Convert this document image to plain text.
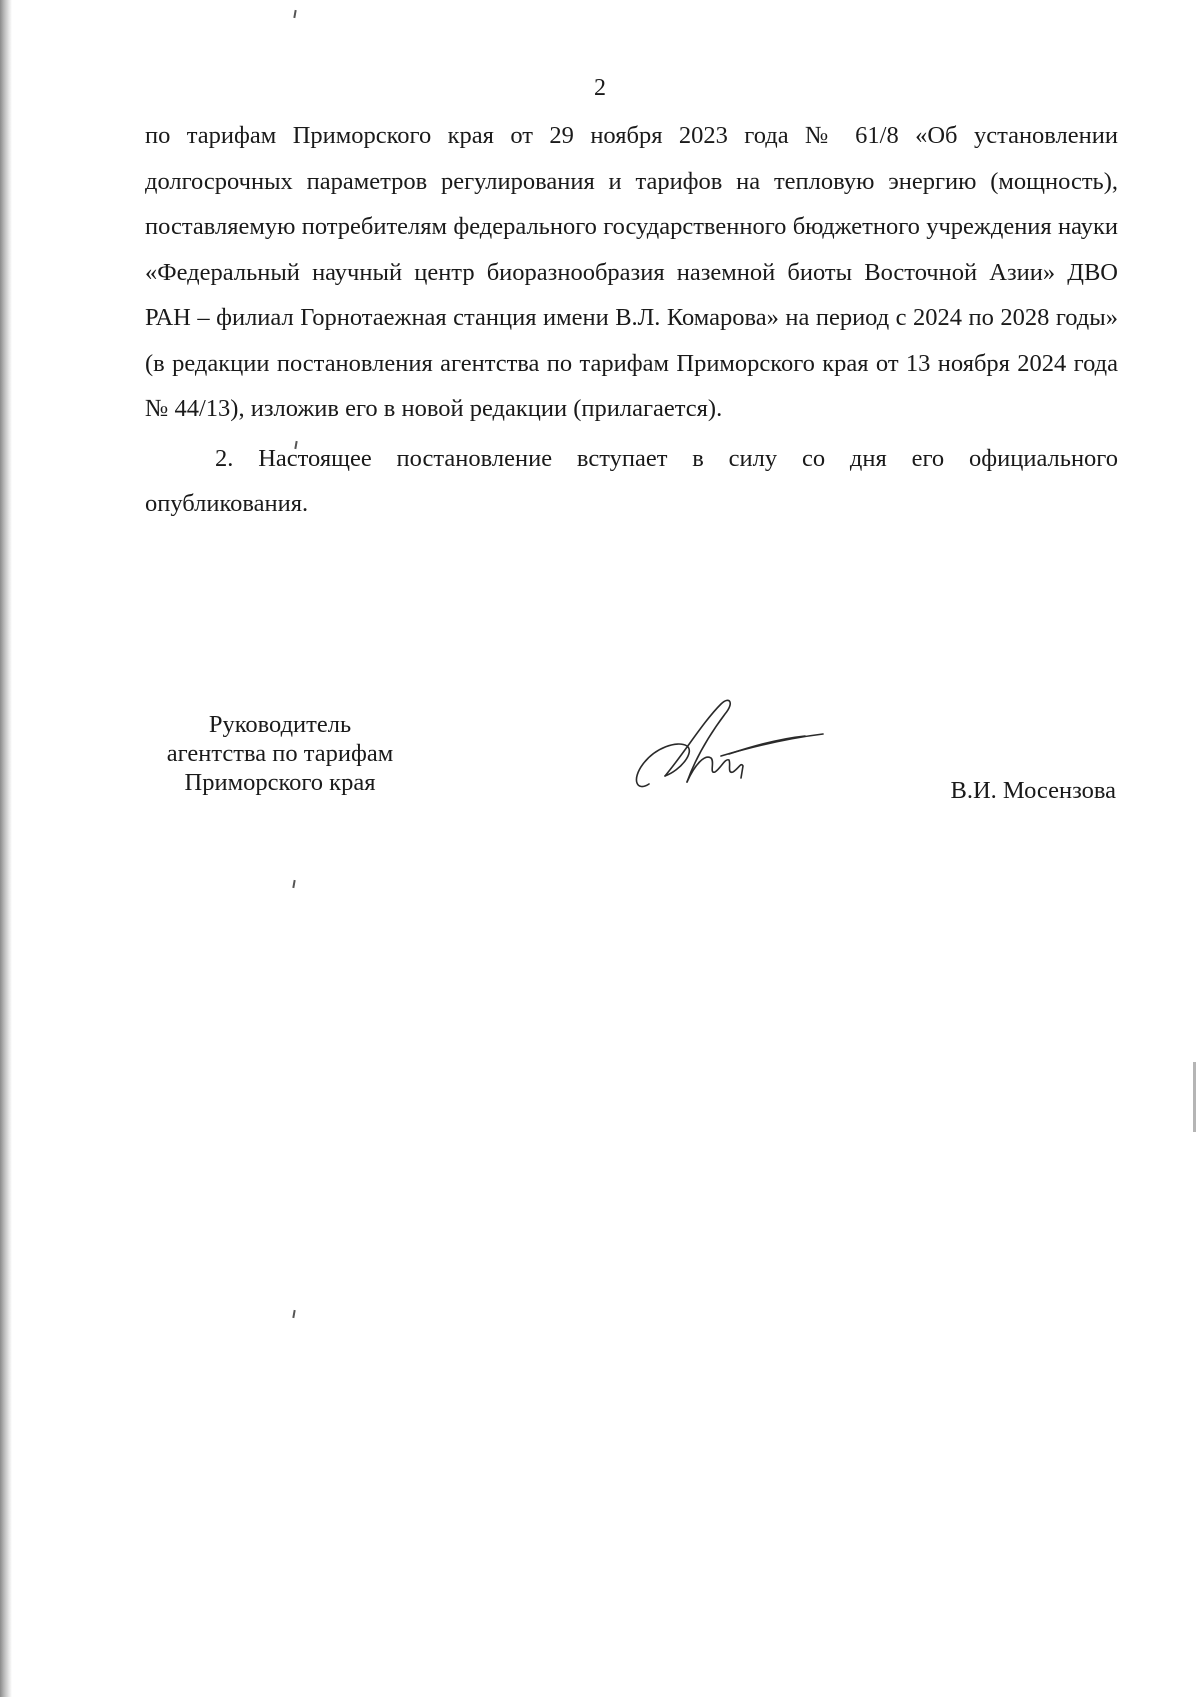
2

по тарифам Приморского края от 29 ноября 2023 года № 61/8 «Об установлении долгосрочных параметров регулирования и тарифов на тепловую энергию (мощность), поставляемую потребителям федерального государственного бюджетного учреждения науки «Федеральный научный центр биоразнообразия наземной биоты Восточной Азии» ДВО РАН – филиал Горнотаежная станция имени В.Л. Комарова» на период с 2024 по 2028 годы» (в редакции постановления агентства по тарифам Приморского края от 13 ноября 2024 года № 44/13), изложив его в новой редакции (прилагается).

2. Настоящее постановление вступает в силу со дня его официального опубликования.

Руководитель
агентства по тарифам
Приморского края	В.И. Мосензова
